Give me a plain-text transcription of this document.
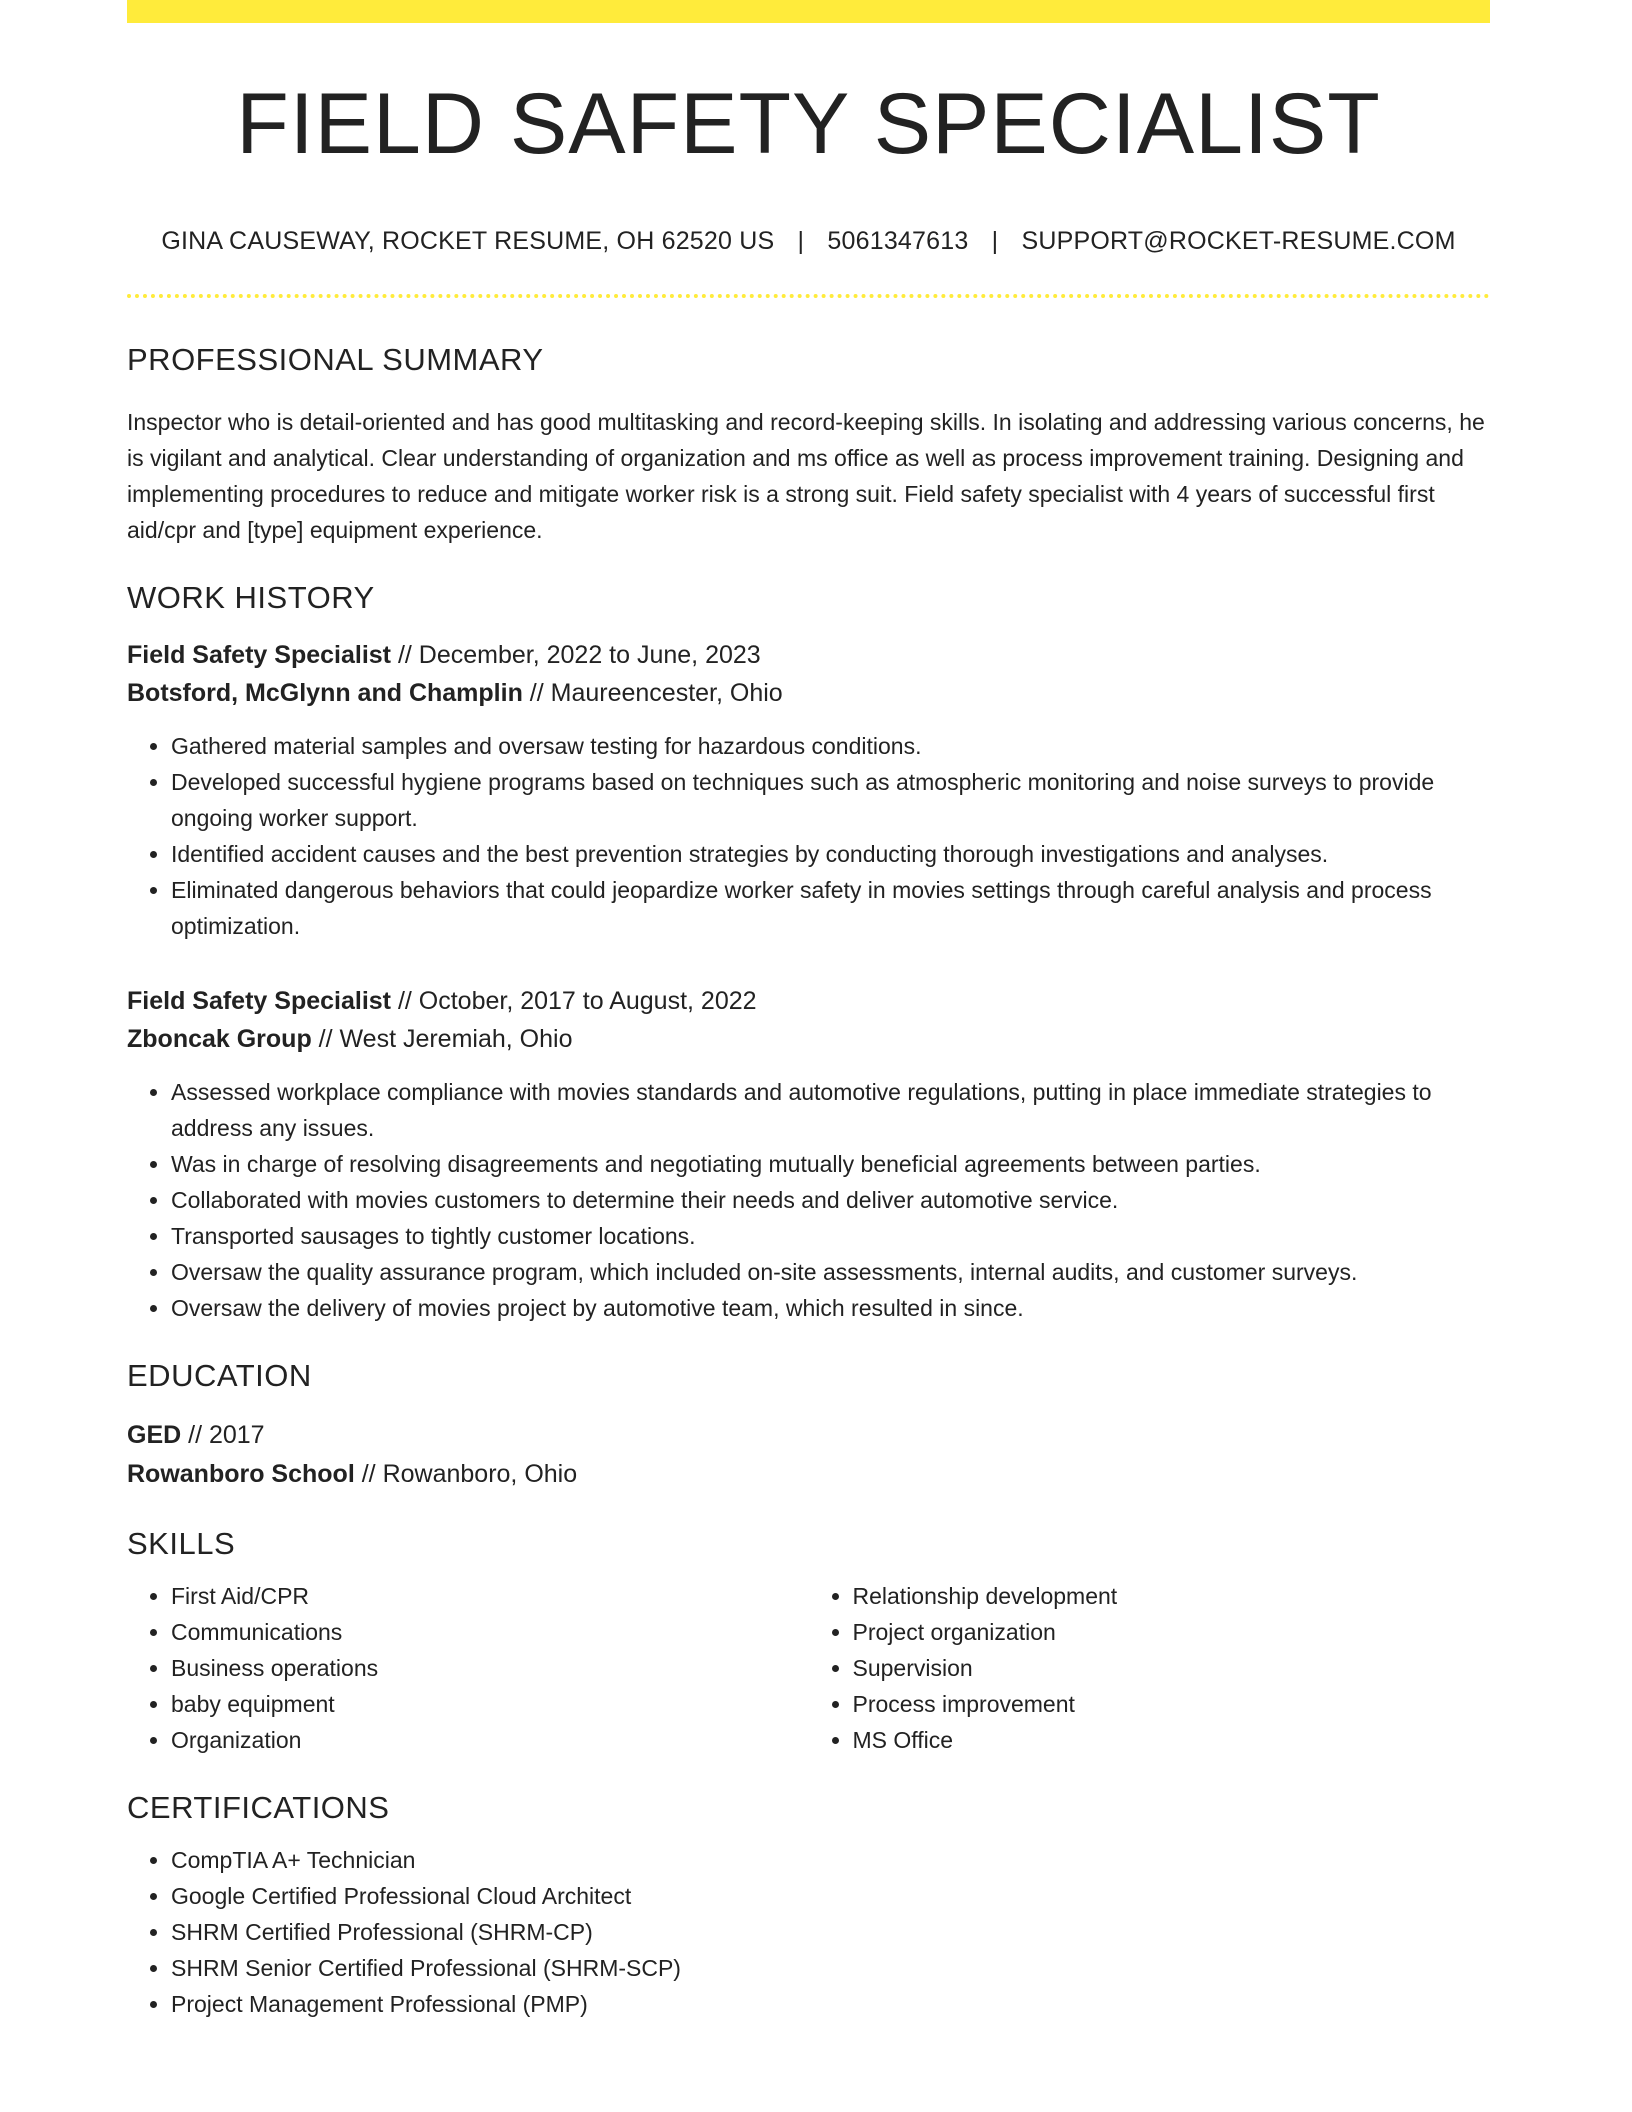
FIELD SAFETY SPECIALIST
GINA CAUSEWAY, ROCKET RESUME, OH 62520 US | 5061347613 | SUPPORT@ROCKET-RESUME.COM
PROFESSIONAL SUMMARY

Inspector who is detail-oriented and has good multitasking and record-keeping skills. In isolating and addressing various concerns, he is vigilant and analytical. Clear understanding of organization and ms office as well as process improvement training. Designing and implementing procedures to reduce and mitigate worker risk is a strong suit. Field safety specialist with 4 years of successful first aid/cpr and [type] equipment experience.

WORK HISTORY
Field Safety Specialist // December, 2022 to June, 2023
Botsford, McGlynn and Champlin // Maureencester, Ohio
• Gathered material samples and oversaw testing for hazardous conditions.
• Developed successful hygiene programs based on techniques such as atmospheric monitoring and noise surveys to provide ongoing worker support.
• Identified accident causes and the best prevention strategies by conducting thorough investigations and analyses.
• Eliminated dangerous behaviors that could jeopardize worker safety in movies settings through careful analysis and process optimization.
Field Safety Specialist // October, 2017 to August, 2022
Zboncak Group // West Jeremiah, Ohio
• Assessed workplace compliance with movies standards and automotive regulations, putting in place immediate strategies to address any issues.
• Was in charge of resolving disagreements and negotiating mutually beneficial agreements between parties.
• Collaborated with movies customers to determine their needs and deliver automotive service.
• Transported sausages to tightly customer locations.
• Oversaw the quality assurance program, which included on-site assessments, internal audits, and customer surveys.
• Oversaw the delivery of movies project by automotive team, which resulted in since.
EDUCATION
GED // 2017
Rowanboro School // Rowanboro, Ohio
SKILLS
• First Aid/CPR
• Communications
• Business operations
• baby equipment
• Organization
• Relationship development
• Project organization
• Supervision
• Process improvement
• MS Office
CERTIFICATIONS
• CompTIA A+ Technician
• Google Certified Professional Cloud Architect
• SHRM Certified Professional (SHRM-CP)
• SHRM Senior Certified Professional (SHRM-SCP)
• Project Management Professional (PMP)
